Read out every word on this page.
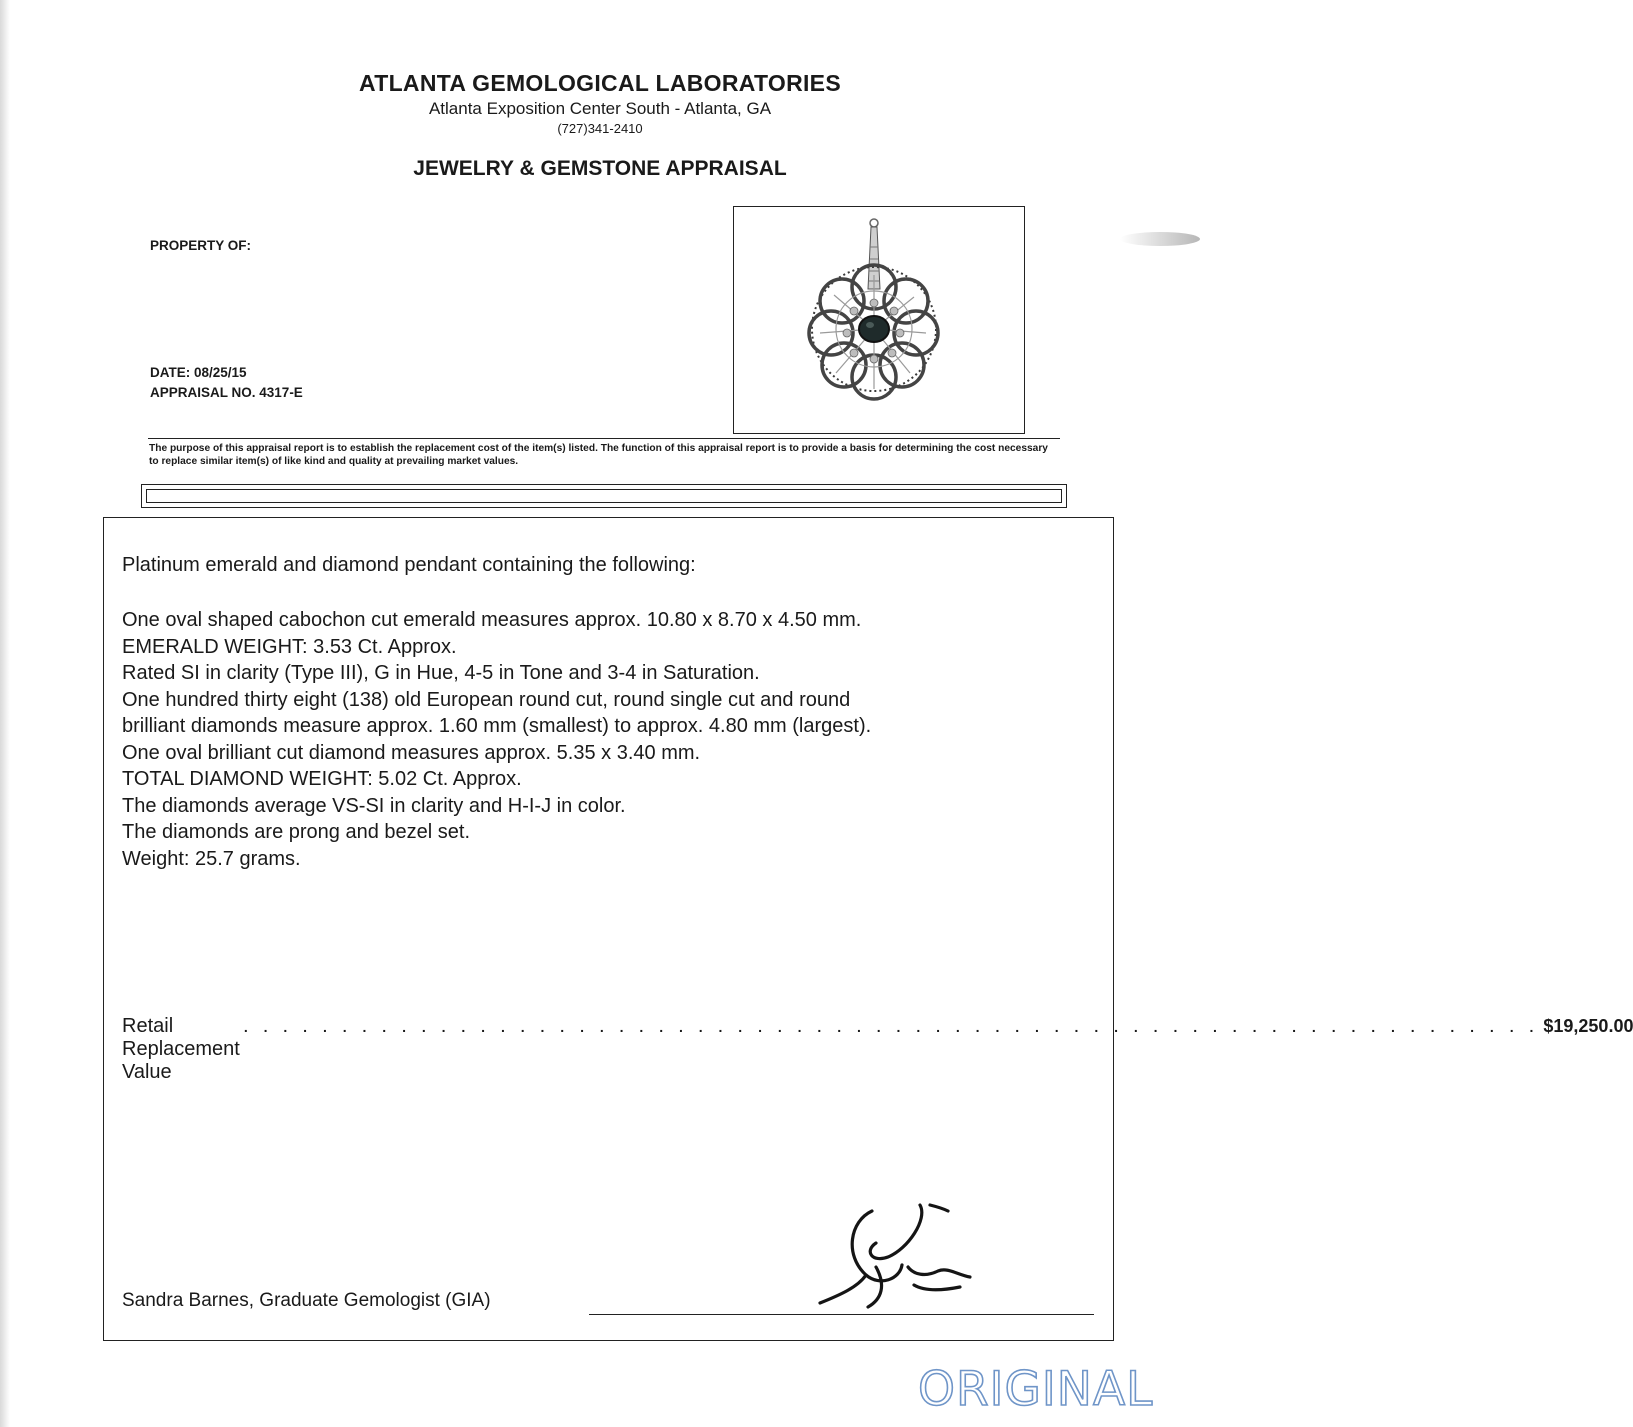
ATLANTA GEMOLOGICAL LABORATORIES
Atlanta Exposition Center South - Atlanta, GA
(727)341-2410
JEWELRY & GEMSTONE APPRAISAL
PROPERTY OF:
DATE: 08/25/15
APPRAISAL NO. 4317-E
The purpose of this appraisal report is to establish the replacement cost of the item(s) listed. The function of this appraisal report is to provide a basis for determining the cost necessary to replace similar item(s) of like kind and quality at prevailing market values.
Platinum emerald and diamond pendant containing the following:
One oval shaped cabochon cut emerald measures approx. 10.80 x 8.70 x 4.50 mm.
EMERALD WEIGHT: 3.53 Ct. Approx.
Rated SI in clarity (Type III), G in Hue, 4-5 in Tone and 3-4 in Saturation.
One hundred thirty eight (138) old European round cut, round single cut and round
brilliant diamonds measure approx. 1.60 mm (smallest) to approx. 4.80 mm (largest).
One oval brilliant cut diamond measures approx. 5.35 x 3.40 mm.
TOTAL DIAMOND WEIGHT: 5.02 Ct. Approx.
The diamonds average VS-SI in clarity and H-I-J in color.
The diamonds are prong and bezel set.
Weight: 25.7 grams.
Retail Replacement Value
. . . . . . . . . . . . . . . . . . . . . . . . . . . . . . . . . . . . . . . . . . . . . . . . . . . . . . . . . . . . . . . . . . $19,250.00
Sandra Barnes, Graduate Gemologist (GIA)
ORIGINAL
